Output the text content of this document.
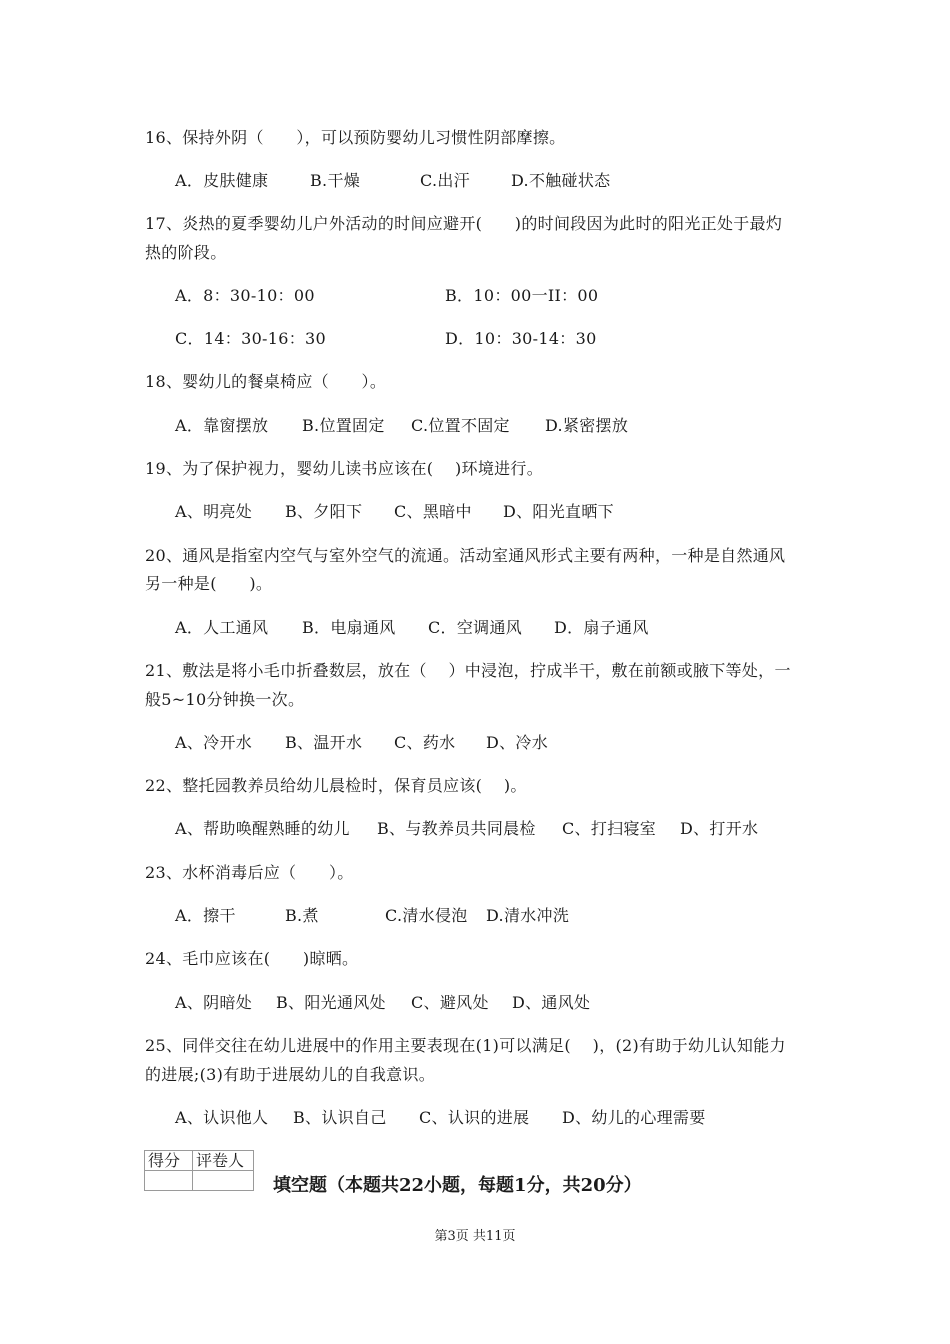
16、保持外阴（　　），可以预防婴幼儿习惯性阴部摩擦。
A．皮肤健康	B.干燥	C.出汗	D.不触碰状态
17、炎热的夏季婴幼儿户外活动的时间应避开(　　)的时间段因为此时的阳光正处于最灼
热的阶段。
A．8：30-10：00	B．10：00一II：00
C．14：30-16：30	D．10：30-14：30
18、婴幼儿的餐桌椅应（　　）。
A．靠窗摆放 B.位置固定 C.位置不固定 D.紧密摆放
19、为了保护视力，婴幼儿读书应该在(　 )环境进行。
A、明亮处 B、夕阳下 C、黑暗中 D、阳光直晒下
20、通风是指室内空气与室外空气的流通。活动室通风形式主要有两种，一种是自然通风
另一种是(　　)。
A．人工通风 B．电扇通风 C．空调通风 D．扇子通风
21、敷法是将小毛巾折叠数层，放在（　 ）中浸泡，拧成半干，敷在前额或腋下等处，一
般5~10分钟换一次。
A、冷开水 B、温开水 C、药水 D、冷水
22、整托园教养员给幼儿晨检时，保育员应该(　 )。
A、帮助唤醒熟睡的幼儿 B、与教养员共同晨检 C、打扫寝室 D、打开水
23、水杯消毒后应（　　）。
A．擦干	B.煮	C.清水侵泡 D.清水冲洗
24、毛巾应该在(　　)晾晒。
A、阴暗处 B、阳光通风处 C、避风处 D、通风处
25、同伴交往在幼儿进展中的作用主要表现在(1)可以满足(　 )，(2)有助于幼儿认知能力
的进展;(3)有助于进展幼儿的自我意识。
A、认识他人 B、认识自己 C、认识的进展 D、幼儿的心理需要
得分	评卷人

填空题（本题共22小题，每题1分，共20分）
第3页 共11页
